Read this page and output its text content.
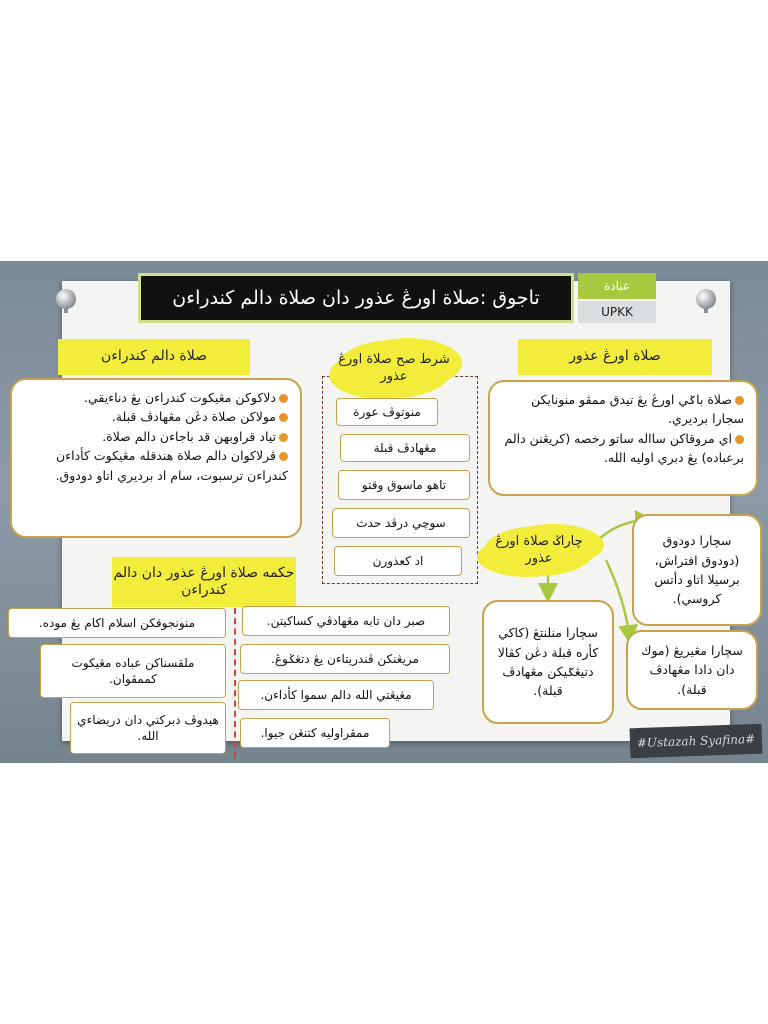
تاجوق :صلاة اورڠ عذور دان صلاة دالم كندراءن
عبادة
UPKK
صلاة دالم كندراءن

دلاكوكن مڠيكوت كندراءن يڠ دناءيقي.

مولاكن صلاة دڠن مڠهادڤ قبلة.

تياد قراوبهن قد باجاءن دالم صلاة.

ڤرلاكوان دالم صلاة هندقله مڠيكوت كأداءن كندراءن ترسبوت، سام اد برديري اتاو دودوق.

صلاة اورڠ عذور

صلاة باݢي اورڠ يڠ تيدق ممڤو منونايكن سجارا برديري.

اي مروقاكن سااله ساتو رخصه (كريڠنن دالم برعباده) يڠ دبري اوليه الله.

شرط صح صلاة اورڠ عذور
منوتوڤ عورة
مڠهادڤ قبلة
تاهو ماسوق وقتو
سوچي درڤد حدث
اد كعذورن
چاراݢ صلاة اورڠ عذور
سچارا دودوق (دودوق افتراش، برسيلا اتاو دأتس كروسي).
سچارا منلنتڠ (كاكي كأره قبلة دڠن كڤالا دتيڠݢيكن مڠهادڤ قبلة).
سچارا مڠيريڠ (موك دان دادا مڠهادڤ قبلة).
حكمه صلاة اورڠ عذور دان دالم كندراءن
منونجوقكن اسلام اكام يڠ موده.
ملقسناكن عباده مڠيكوت كممڤوان.
هيدوڤ دبركتي دان دريضاءي الله.
صبر دان تابه مڠهادڤي كساكيتن.
مريڠنكن ڤندريتاءن يڠ دتڠݢوڠ.
مڠيڠتي الله دالم سموا كأداءن.
ممڤراوليه كتنڠن جيوا.	#Ustazah Syafina#
